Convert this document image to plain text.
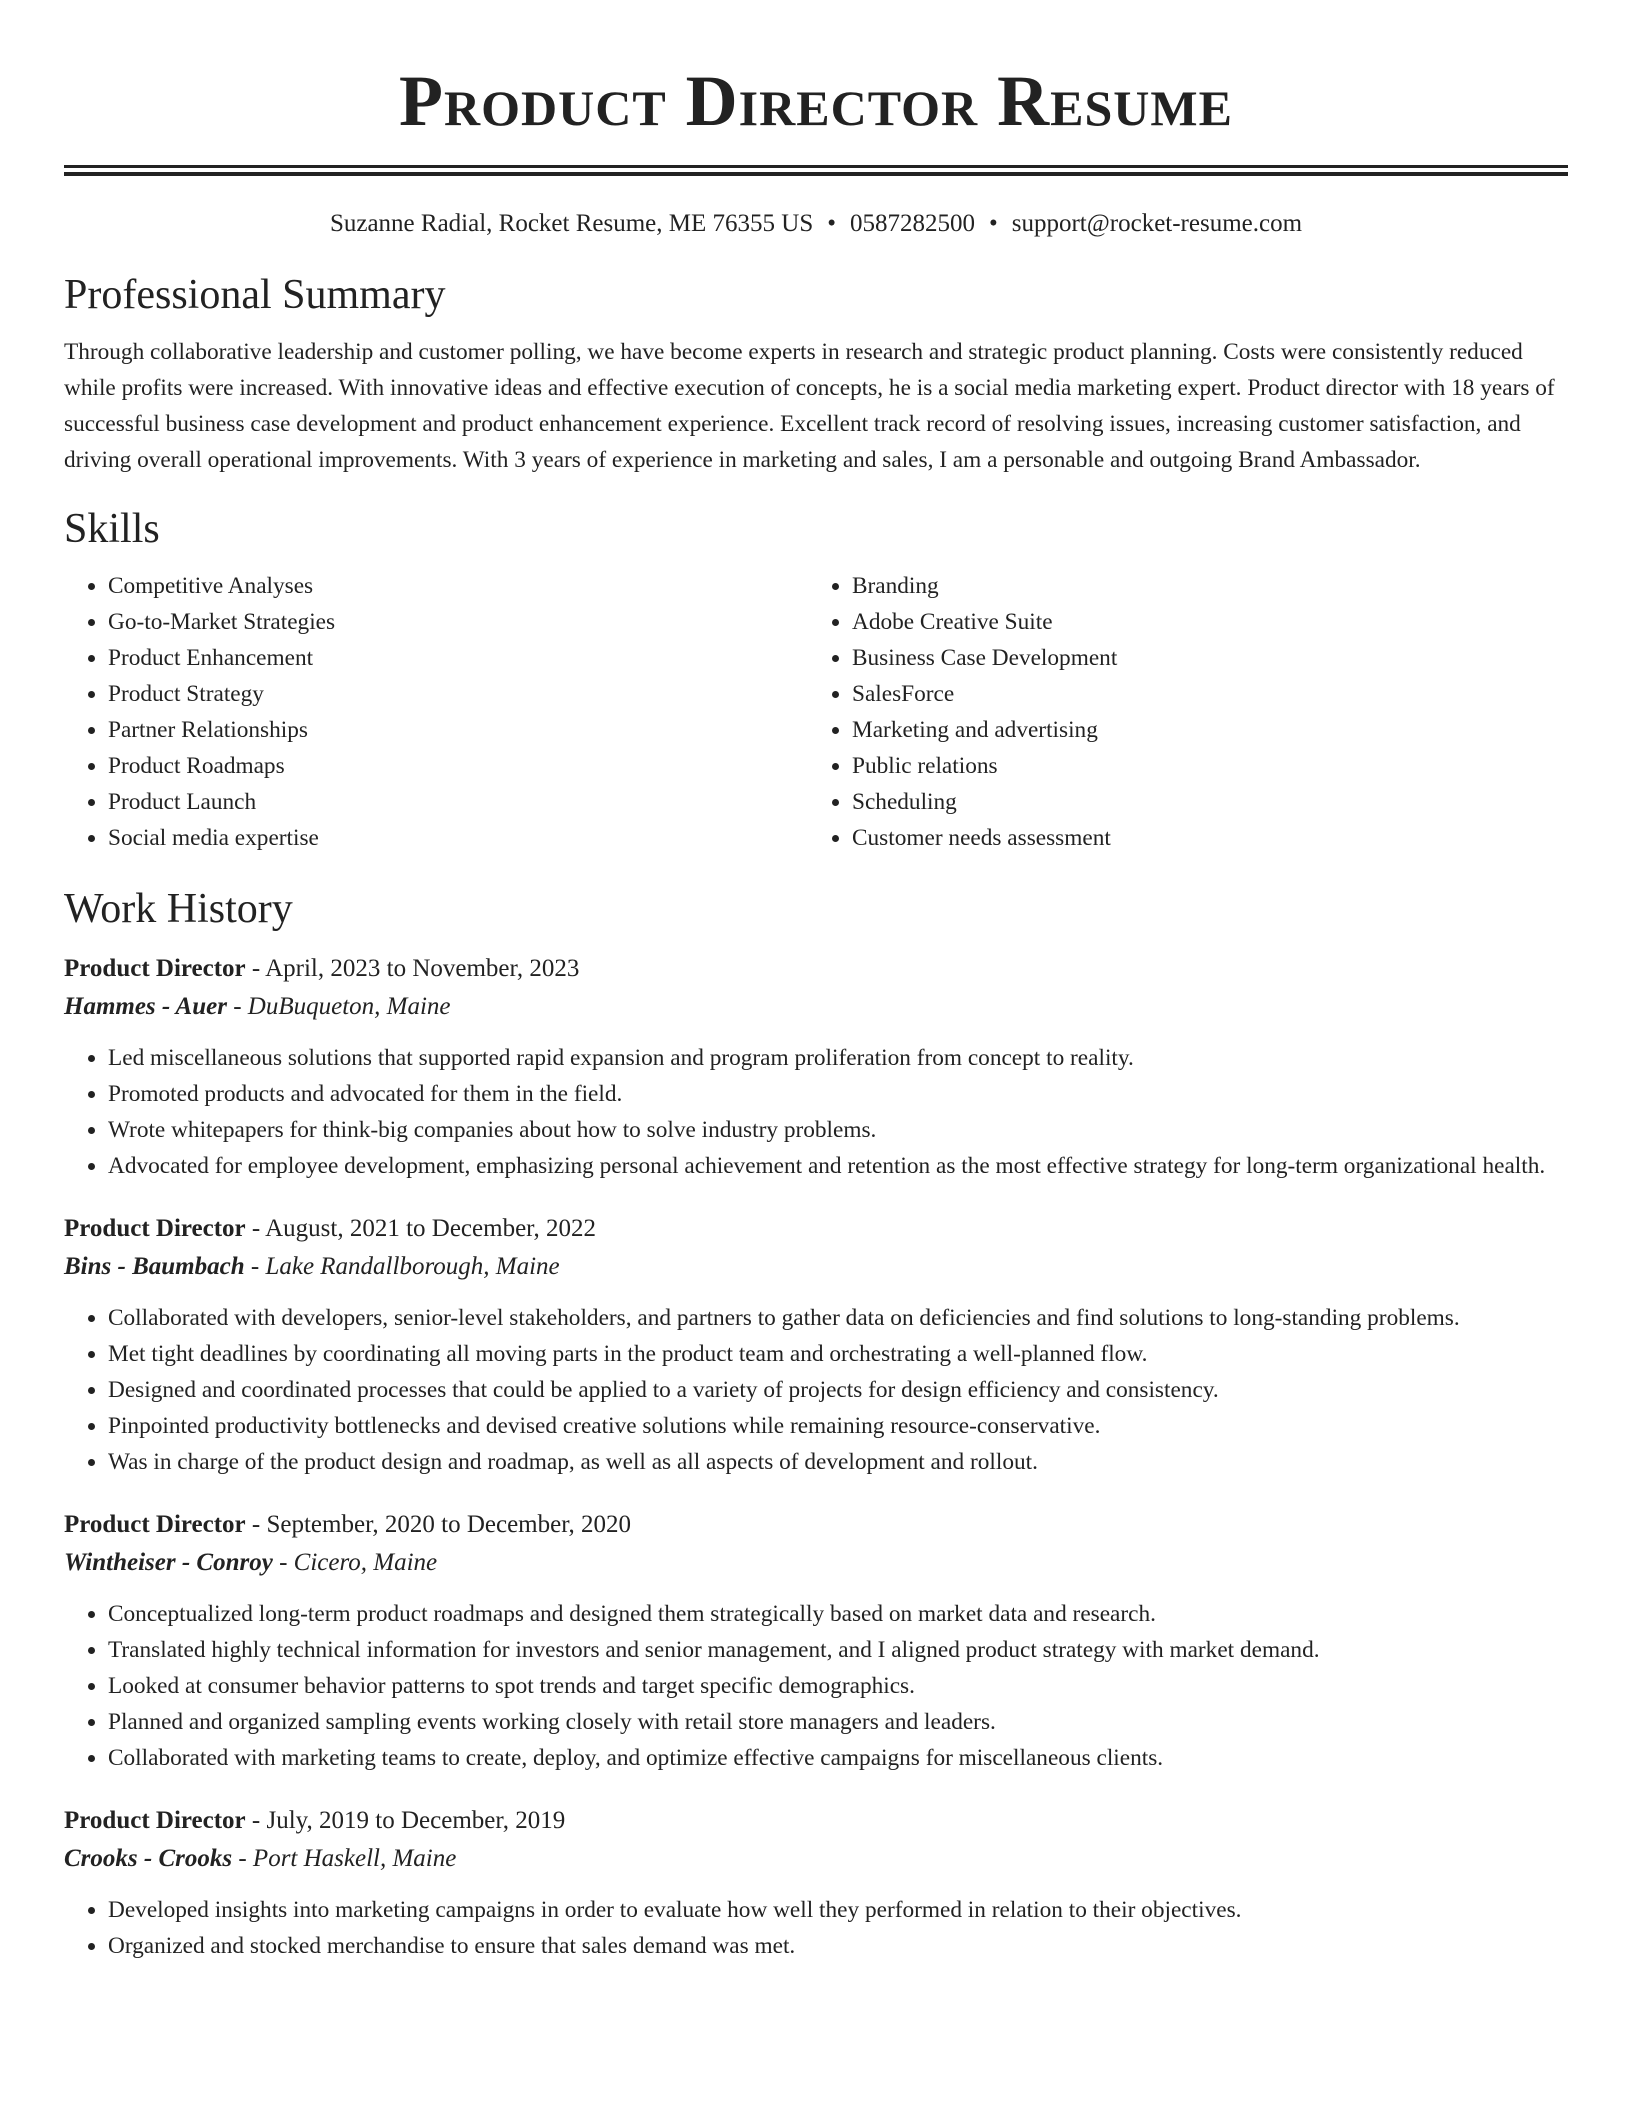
Product Director Resume
Suzanne Radial, Rocket Resume, ME 76355 US • 0587282500 • support@rocket-resume.com
Professional Summary

Through collaborative leadership and customer polling, we have become experts in research and strategic product planning. Costs were consistently reduced while profits were increased. With innovative ideas and effective execution of concepts, he is a social media marketing expert. Product director with 18 years of successful business case development and product enhancement experience. Excellent track record of resolving issues, increasing customer satisfaction, and driving overall operational improvements. With 3 years of experience in marketing and sales, I am a personable and outgoing Brand Ambassador.

Skills
• Competitive Analyses
• Go-to-Market Strategies
• Product Enhancement
• Product Strategy
• Partner Relationships
• Product Roadmaps
• Product Launch
• Social media expertise
• Branding
• Adobe Creative Suite
• Business Case Development
• SalesForce
• Marketing and advertising
• Public relations
• Scheduling
• Customer needs assessment
Work History
Product Director - April, 2023 to November, 2023
Hammes - Auer - DuBuqueton, Maine
• Led miscellaneous solutions that supported rapid expansion and program proliferation from concept to reality.
• Promoted products and advocated for them in the field.
• Wrote whitepapers for think-big companies about how to solve industry problems.
• Advocated for employee development, emphasizing personal achievement and retention as the most effective strategy for long-term organizational health.
Product Director - August, 2021 to December, 2022
Bins - Baumbach - Lake Randallborough, Maine
• Collaborated with developers, senior-level stakeholders, and partners to gather data on deficiencies and find solutions to long-standing problems.
• Met tight deadlines by coordinating all moving parts in the product team and orchestrating a well-planned flow.
• Designed and coordinated processes that could be applied to a variety of projects for design efficiency and consistency.
• Pinpointed productivity bottlenecks and devised creative solutions while remaining resource-conservative.
• Was in charge of the product design and roadmap, as well as all aspects of development and rollout.
Product Director - September, 2020 to December, 2020
Wintheiser - Conroy - Cicero, Maine
• Conceptualized long-term product roadmaps and designed them strategically based on market data and research.
• Translated highly technical information for investors and senior management, and I aligned product strategy with market demand.
• Looked at consumer behavior patterns to spot trends and target specific demographics.
• Planned and organized sampling events working closely with retail store managers and leaders.
• Collaborated with marketing teams to create, deploy, and optimize effective campaigns for miscellaneous clients.
Product Director - July, 2019 to December, 2019
Crooks - Crooks - Port Haskell, Maine
• Developed insights into marketing campaigns in order to evaluate how well they performed in relation to their objectives.
• Organized and stocked merchandise to ensure that sales demand was met.
